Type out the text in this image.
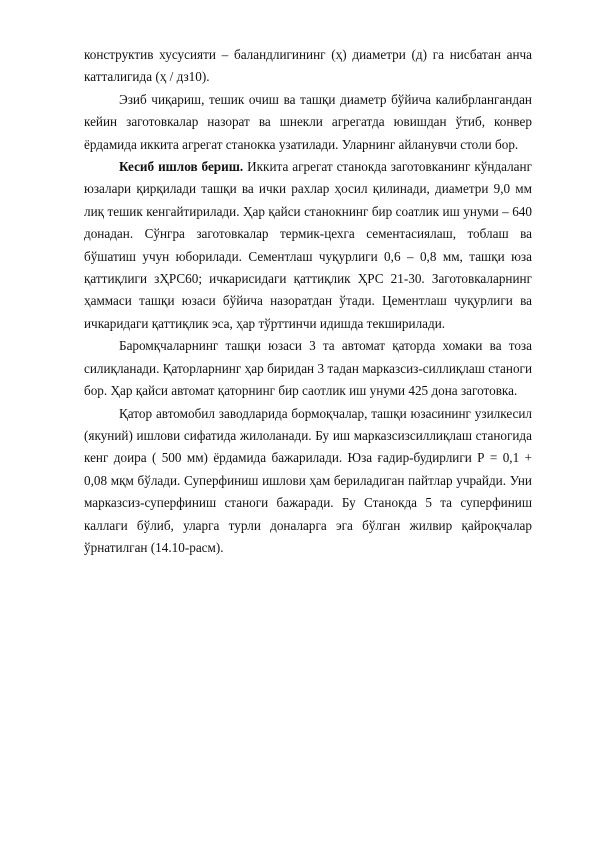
конструктив хусусияти – баландлигининг (ҳ) диаметри (д) га нисбатан анча катталигида (ҳ / дз10).

Эзиб чиқариш, тешик очиш ва ташқи диаметр бўйича калибрлангандан кейин заготовкалар назорат ва шнекли агрегатда ювишдан ўтиб, конвер ёрдамида иккита агрегат станокка узатилади. Уларнинг айланувчи столи бор.

Кесиб ишлов бериш. Иккита агрегат станокда заготовканинг кўндаланг юзалари қирқилади ташқи ва ички рахлар ҳосил қилинади, диаметри 9,0 мм лиқ тешик кенгайтирилади. Ҳар қайси станокнинг бир соатлик иш унуми – 640 донадан. Сўнгра заготовкалар термик-цехга сементасиялаш, тоблаш ва бўшатиш учун юборилади. Сементлаш чуқурлиги 0,6 – 0,8 мм, ташқи юза қаттиқлиги зҲРС60; ичкарисидаги қаттиқлик ҲРС 21-30. Заготовкаларнинг ҳаммаси ташқи юзаси бўйича назоратдан ўтади. Цементлаш чуқурлиги ва ичкаридаги қаттиқлик эса, ҳар тўрттинчи идишда текширилади.

Баромқчаларнинг ташқи юзаси 3 та автомат қаторда хомаки ва тоза силиқланади. Қаторларнинг ҳар биридан 3 тадан марказсиз-силлиқлаш станоги бор. Ҳар қайси автомат қаторнинг бир саотлик иш унуми 425 дона заготовка.

Қатор автомобил заводларида бормоқчалар, ташқи юзасининг узилкесил (якуний) ишлови сифатида жилоланади. Бу иш марказсизсиллиқлаш станогида кенг доира ( 500 мм) ёрдамида бажарилади. Юза ғадир-будирлиги Р = 0,1 + 0,08 мқм бўлади. Суперфиниш ишлови ҳам бериладиган пайтлар учрайди. Уни марказсиз-суперфиниш станоги бажаради. Бу Станокда 5 та суперфиниш каллаги бўлиб, уларга турли доналарга эга бўлган жилвир қайроқчалар ўрнатилган (14.10-расм).
